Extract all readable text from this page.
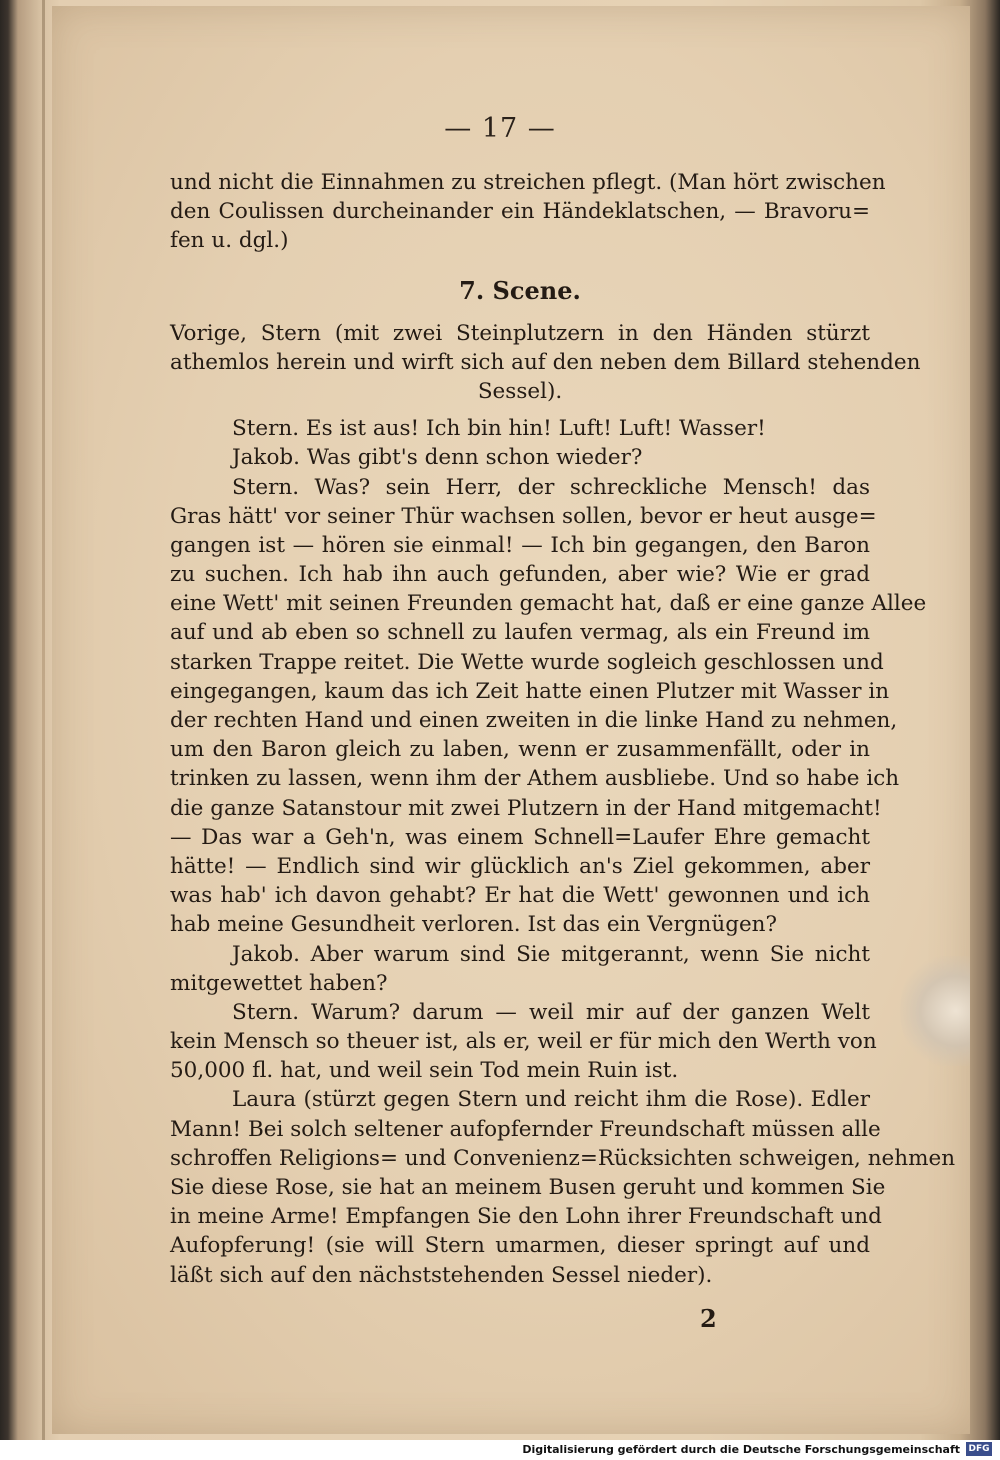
— 17 —
und nicht die Einnahmen zu streichen pflegt. (Man hört zwischen
den Coulissen durcheinander ein Händeklatschen, — Bravoru=
fen u. dgl.)
7. Scene.
Vorige, Stern (mit zwei Steinplutzern in den Händen stürzt
athemlos herein und wirft sich auf den neben dem Billard stehenden
Sessel).
Stern. Es ist aus! Ich bin hin! Luft! Luft! Wasser!
Jakob. Was gibt's denn schon wieder?
Stern. Was? sein Herr, der schreckliche Mensch! das
Gras hätt' vor seiner Thür wachsen sollen, bevor er heut ausge=
gangen ist — hören sie einmal! — Ich bin gegangen, den Baron
zu suchen. Ich hab ihn auch gefunden, aber wie? Wie er grad
eine Wett' mit seinen Freunden gemacht hat, daß er eine ganze Allee
auf und ab eben so schnell zu laufen vermag, als ein Freund im
starken Trappe reitet. Die Wette wurde sogleich geschlossen und
eingegangen, kaum das ich Zeit hatte einen Plutzer mit Wasser in
der rechten Hand und einen zweiten in die linke Hand zu nehmen,
um den Baron gleich zu laben, wenn er zusammenfällt, oder in
trinken zu lassen, wenn ihm der Athem ausbliebe. Und so habe ich
die ganze Satanstour mit zwei Plutzern in der Hand mitgemacht!
— Das war a Geh'n, was einem Schnell=Laufer Ehre gemacht
hätte! — Endlich sind wir glücklich an's Ziel gekommen, aber
was hab' ich davon gehabt? Er hat die Wett' gewonnen und ich
hab meine Gesundheit verloren. Ist das ein Vergnügen?
Jakob. Aber warum sind Sie mitgerannt, wenn Sie nicht
mitgewettet haben?
Stern. Warum? darum — weil mir auf der ganzen Welt
kein Mensch so theuer ist, als er, weil er für mich den Werth von
50,000 fl. hat, und weil sein Tod mein Ruin ist.
Laura (stürzt gegen Stern und reicht ihm die Rose). Edler
Mann! Bei solch seltener aufopfernder Freundschaft müssen alle
schroffen Religions= und Convenienz=Rücksichten schweigen, nehmen
Sie diese Rose, sie hat an meinem Busen geruht und kommen Sie
in meine Arme! Empfangen Sie den Lohn ihrer Freundschaft und
Aufopferung! (sie will Stern umarmen, dieser springt auf und
läßt sich auf den nächststehenden Sessel nieder).
2
Digitalisierung gefördert durch die Deutsche Forschungsgemeinschaft DFG
